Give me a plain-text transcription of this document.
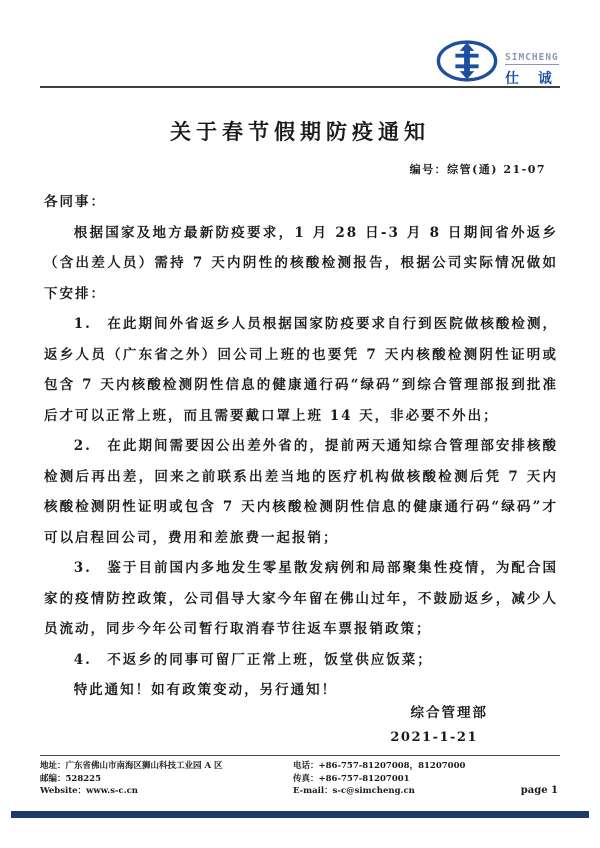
SIMCHENG
仕 诚
关于春节假期防疫通知
编号：综管(通) 21-07

各同事：

根据国家及地方最新防疫要求，1 月 28 日-3 月 8 日期间省外返乡（含出差人员）需持 7 天内阴性的核酸检测报告，根据公司实际情况做如下安排：

1.　在此期间外省返乡人员根据国家防疫要求自行到医院做核酸检测，返乡人员（广东省之外）回公司上班的也要凭 7 天内核酸检测阴性证明或包含 7 天内核酸检测阴性信息的健康通行码“绿码”到综合管理部报到批准后才可以正常上班，而且需要戴口罩上班 14 天，非必要不外出；

2.　在此期间需要因公出差外省的，提前两天通知综合管理部安排核酸检测后再出差，回来之前联系出差当地的医疗机构做核酸检测后凭 7 天内核酸检测阴性证明或包含 7 天内核酸检测阴性信息的健康通行码“绿码”才可以启程回公司，费用和差旅费一起报销；

3.　鉴于目前国内多地发生零星散发病例和局部聚集性疫情，为配合国家的疫情防控政策，公司倡导大家今年留在佛山过年，不鼓励返乡，减少人员流动，同步今年公司暂行取消春节往返车票报销政策；

4.　不返乡的同事可留厂正常上班，饭堂供应饭菜；

特此通知！如有政策变动，另行通知！

综合管理部
2021-1-21
地址：广东省佛山市南海区狮山科技工业园 A 区	电话：+86-757-81207008，81207000
邮编：528225	传真：+86-757-81207001
Website：www.s-c.cn	E-mail：s-c@simcheng.cn	page 1
